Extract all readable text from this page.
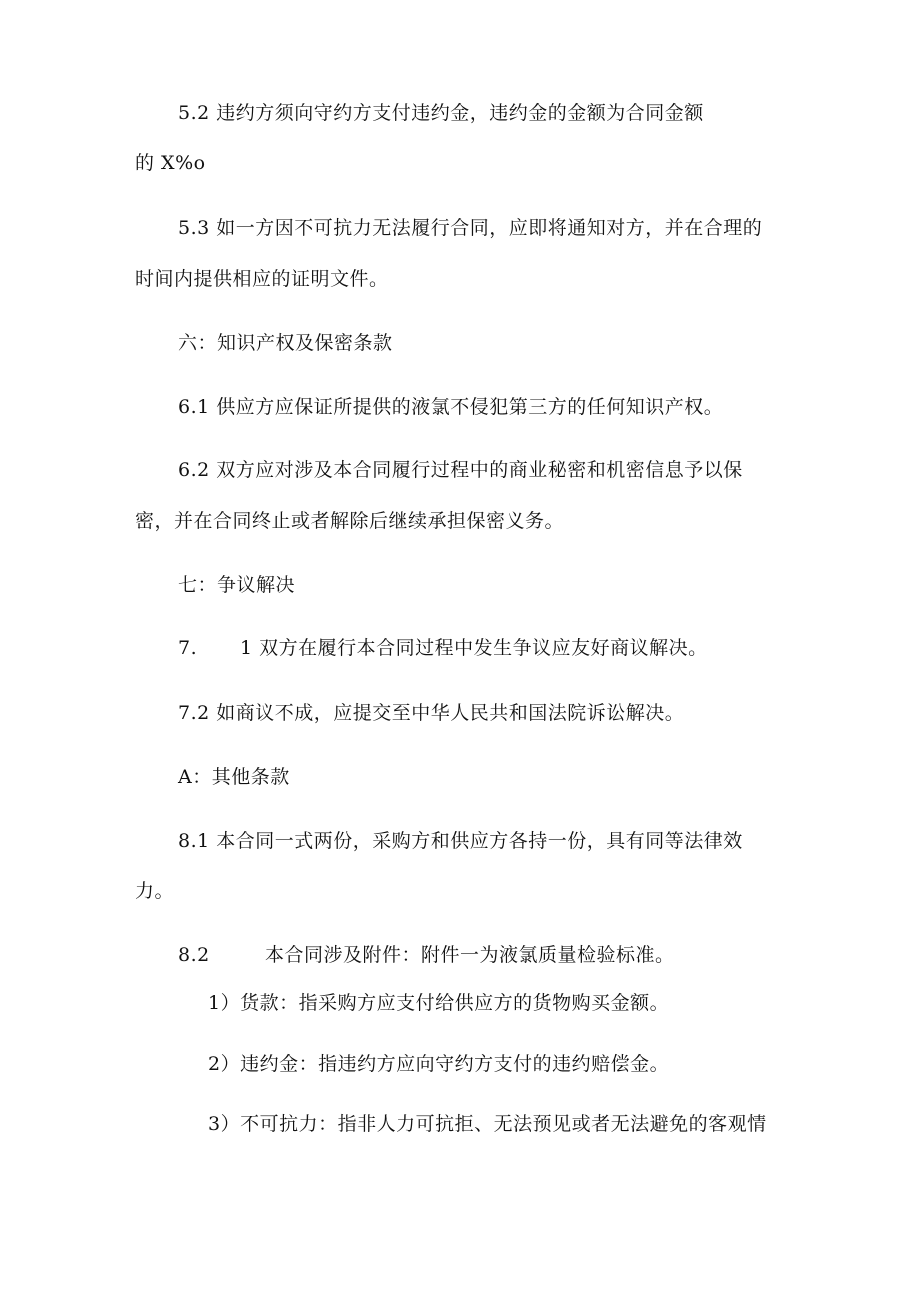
5.2 违约方须向守约方支付违约金，违约金的金额为合同金额
的 X%o
5.3 如一方因不可抗力无法履行合同，应即将通知对方，并在合理的
时间内提供相应的证明文件。
六：知识产权及保密条款
6.1 供应方应保证所提供的液氯不侵犯第三方的任何知识产权。
6.2 双方应对涉及本合同履行过程中的商业秘密和机密信息予以保
密，并在合同终止或者解除后继续承担保密义务。
七：争议解决
7. 1 双方在履行本合同过程中发生争议应友好商议解决。
7.2 如商议不成，应提交至中华人民共和国法院诉讼解决。
A：其他条款
8.1 本合同一式两份，采购方和供应方各持一份，具有同等法律效
力。
8.2	本合同涉及附件：附件一为液氯质量检验标准。
1）货款：指采购方应支付给供应方的货物购买金额。
2）违约金：指违约方应向守约方支付的违约赔偿金。
3）不可抗力：指非人力可抗拒、无法预见或者无法避免的客观情
